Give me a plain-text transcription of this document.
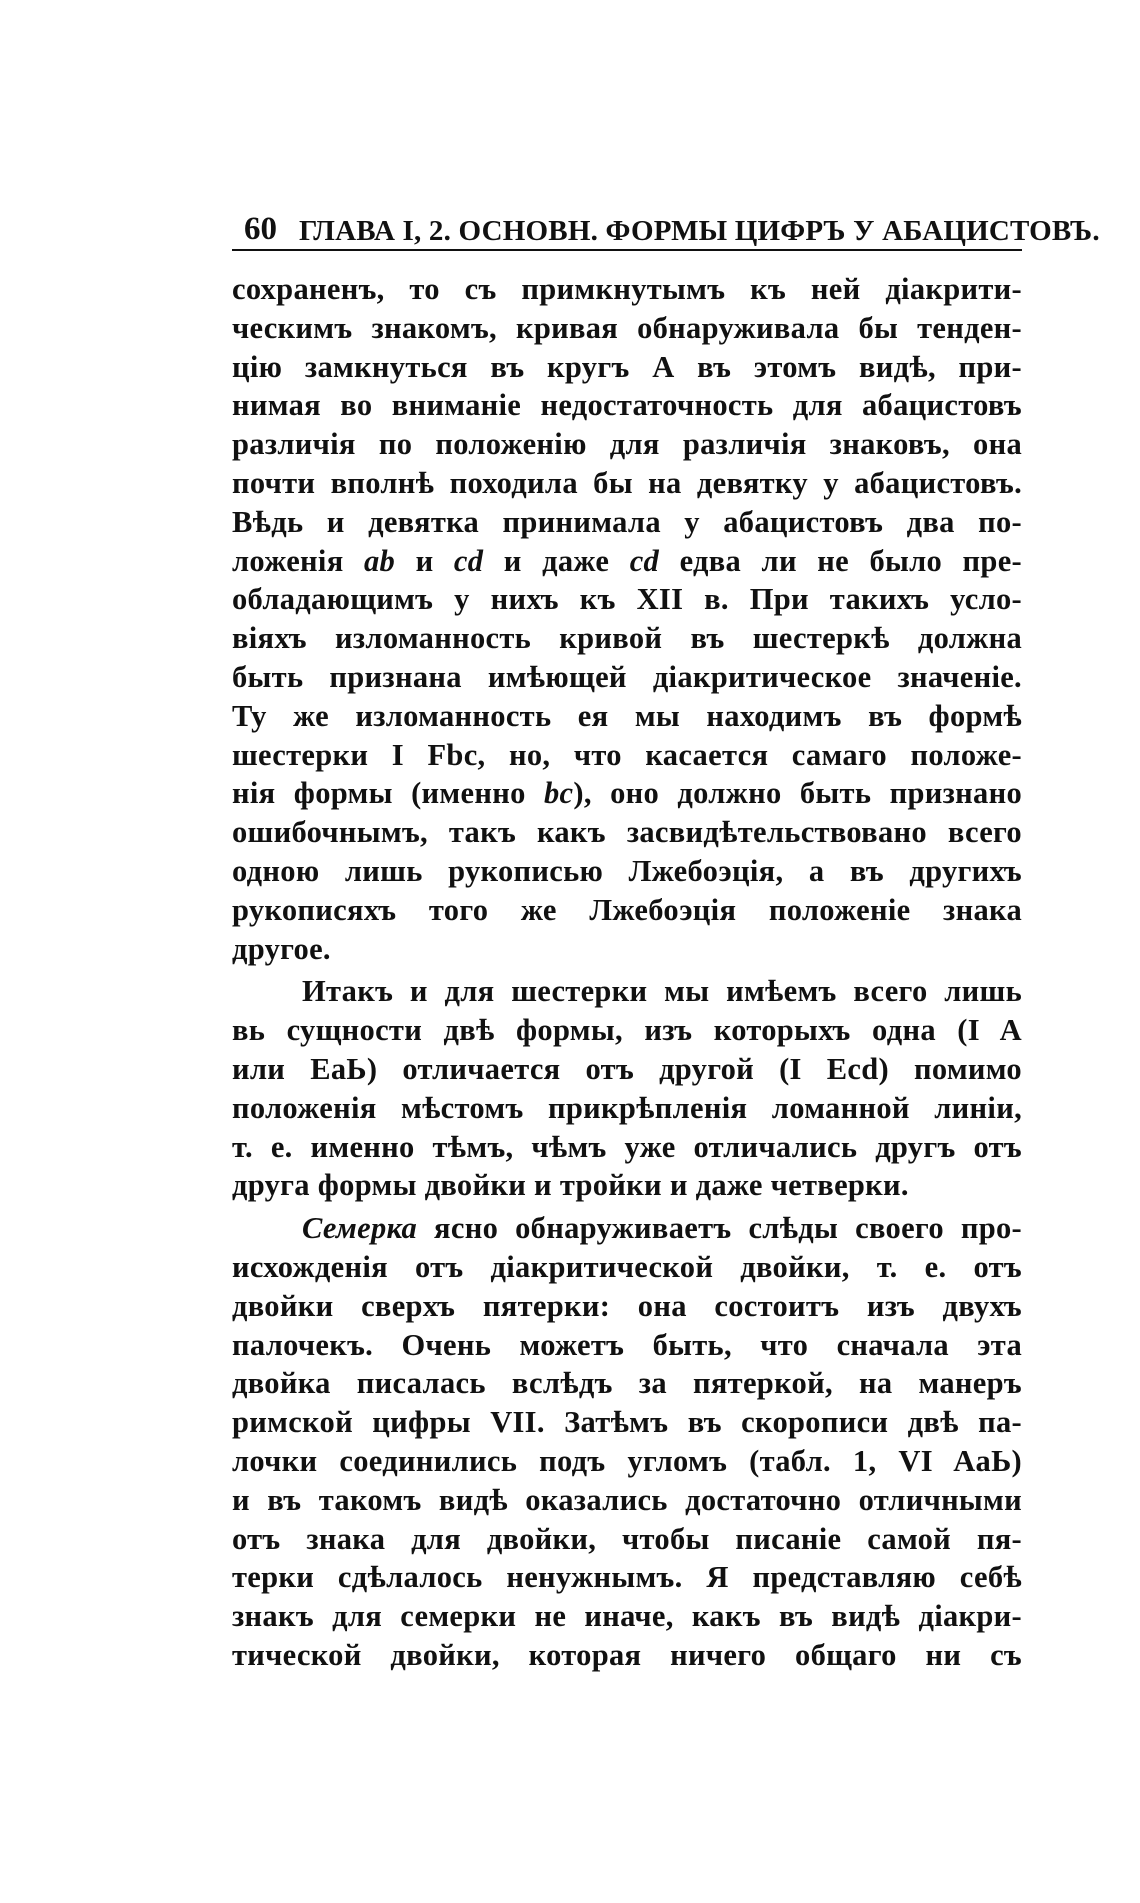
60 ГЛАВА I, 2. ОСНОВН. ФОРМЫ ЦИФРЪ У АБАЦИСТОВЪ.
сохраненъ, то съ примкнутымъ къ ней діакрити-
ческимъ знакомъ, кривая обнаруживала бы тенден-
цію замкнуться въ кругъ А въ этомъ видѣ, при-
нимая во вниманіе недостаточность для абацистовъ
различія по положенію для различія знаковъ, она
почти вполнѣ походила бы на девятку у абацистовъ.
Вѣдь и девятка принимала у абацистовъ два по-
ложенія ab и cd и даже cd едва ли не было пре-
обладающимъ у нихъ къ XII в. При такихъ усло-
віяхъ изломанность кривой въ шестеркѣ должна
быть признана имѣющей діакритическое значеніе.
Ту же изломанность ея мы находимъ въ формѣ
шестерки I Fbc, но, что касается самаго положе-
нія формы (именно bc), оно должно быть признано
ошибочнымъ, такъ какъ засвидѣтельствовано всего
одною лишь рукописью Лжебоэція, а въ другихъ
рукописяхъ того же Лжебоэція положеніе знака
другое.
Итакъ и для шестерки мы имѣемъ всего лишь
вь сущности двѣ формы, изъ которыхъ одна (I A
или EaЬ) отличается отъ другой (I Ecd) помимо
положенія мѣстомъ прикрѣпленія ломанной линіи,
т. е. именно тѣмъ, чѣмъ уже отличались другъ отъ
друга формы двойки и тройки и даже четверки.
Семерка ясно обнаруживаетъ слѣды своего про-
исхожденія отъ діакритической двойки, т. е. отъ
двойки сверхъ пятерки: она состоитъ изъ двухъ
палочекъ. Очень можетъ быть, что сначала эта
двойка писалась вслѣдъ за пятеркой, на манеръ
римской цифры VII. Затѣмъ въ скорописи двѣ па-
лочки соединились подъ угломъ (табл. 1, VI AaЬ)
и въ такомъ видѣ оказались достаточно отличными
отъ знака для двойки, чтобы писаніе самой пя-
терки сдѣлалось ненужнымъ. Я представляю себѣ
знакъ для семерки не иначе, какъ въ видѣ діакри-
тической двойки, которая ничего общаго ни съ
